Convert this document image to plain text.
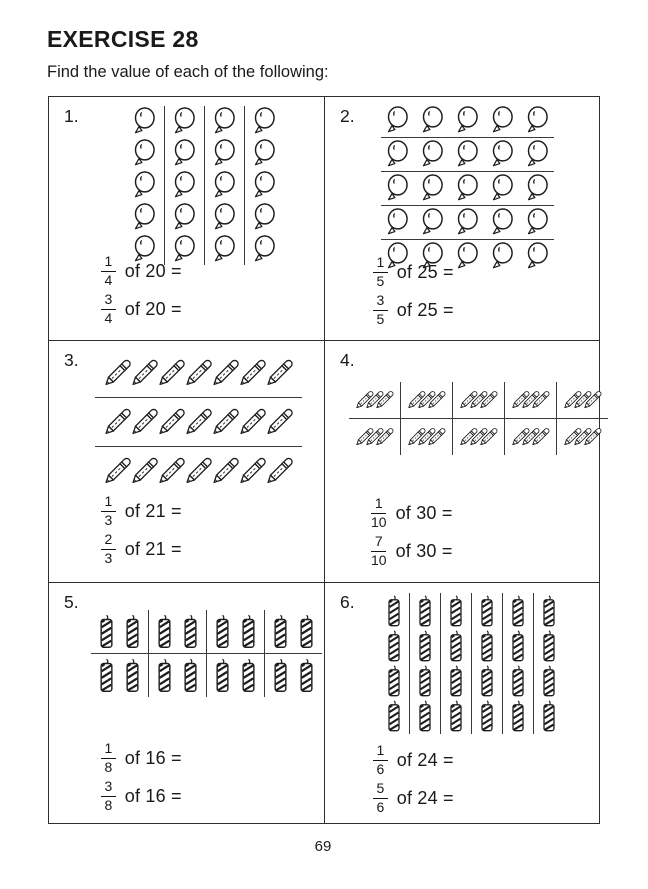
EXERCISE 28

Find the value of each of the following:

1.
$\frac{1}{4}$ of 20 =
$\frac{3}{4}$ of 20 =
2.
$\frac{1}{5}$ of 25 =
$\frac{3}{5}$ of 25 =
3.
$\frac{1}{3}$ of 21 =
$\frac{2}{3}$ of 21 =
4.
$\frac{1}{10}$ of 30 =
$\frac{7}{10}$ of 30 =
5.
$\frac{1}{8}$ of 16 =
$\frac{3}{8}$ of 16 =
6.
$\frac{1}{6}$ of 24 =
$\frac{5}{6}$ of 24 =
69
